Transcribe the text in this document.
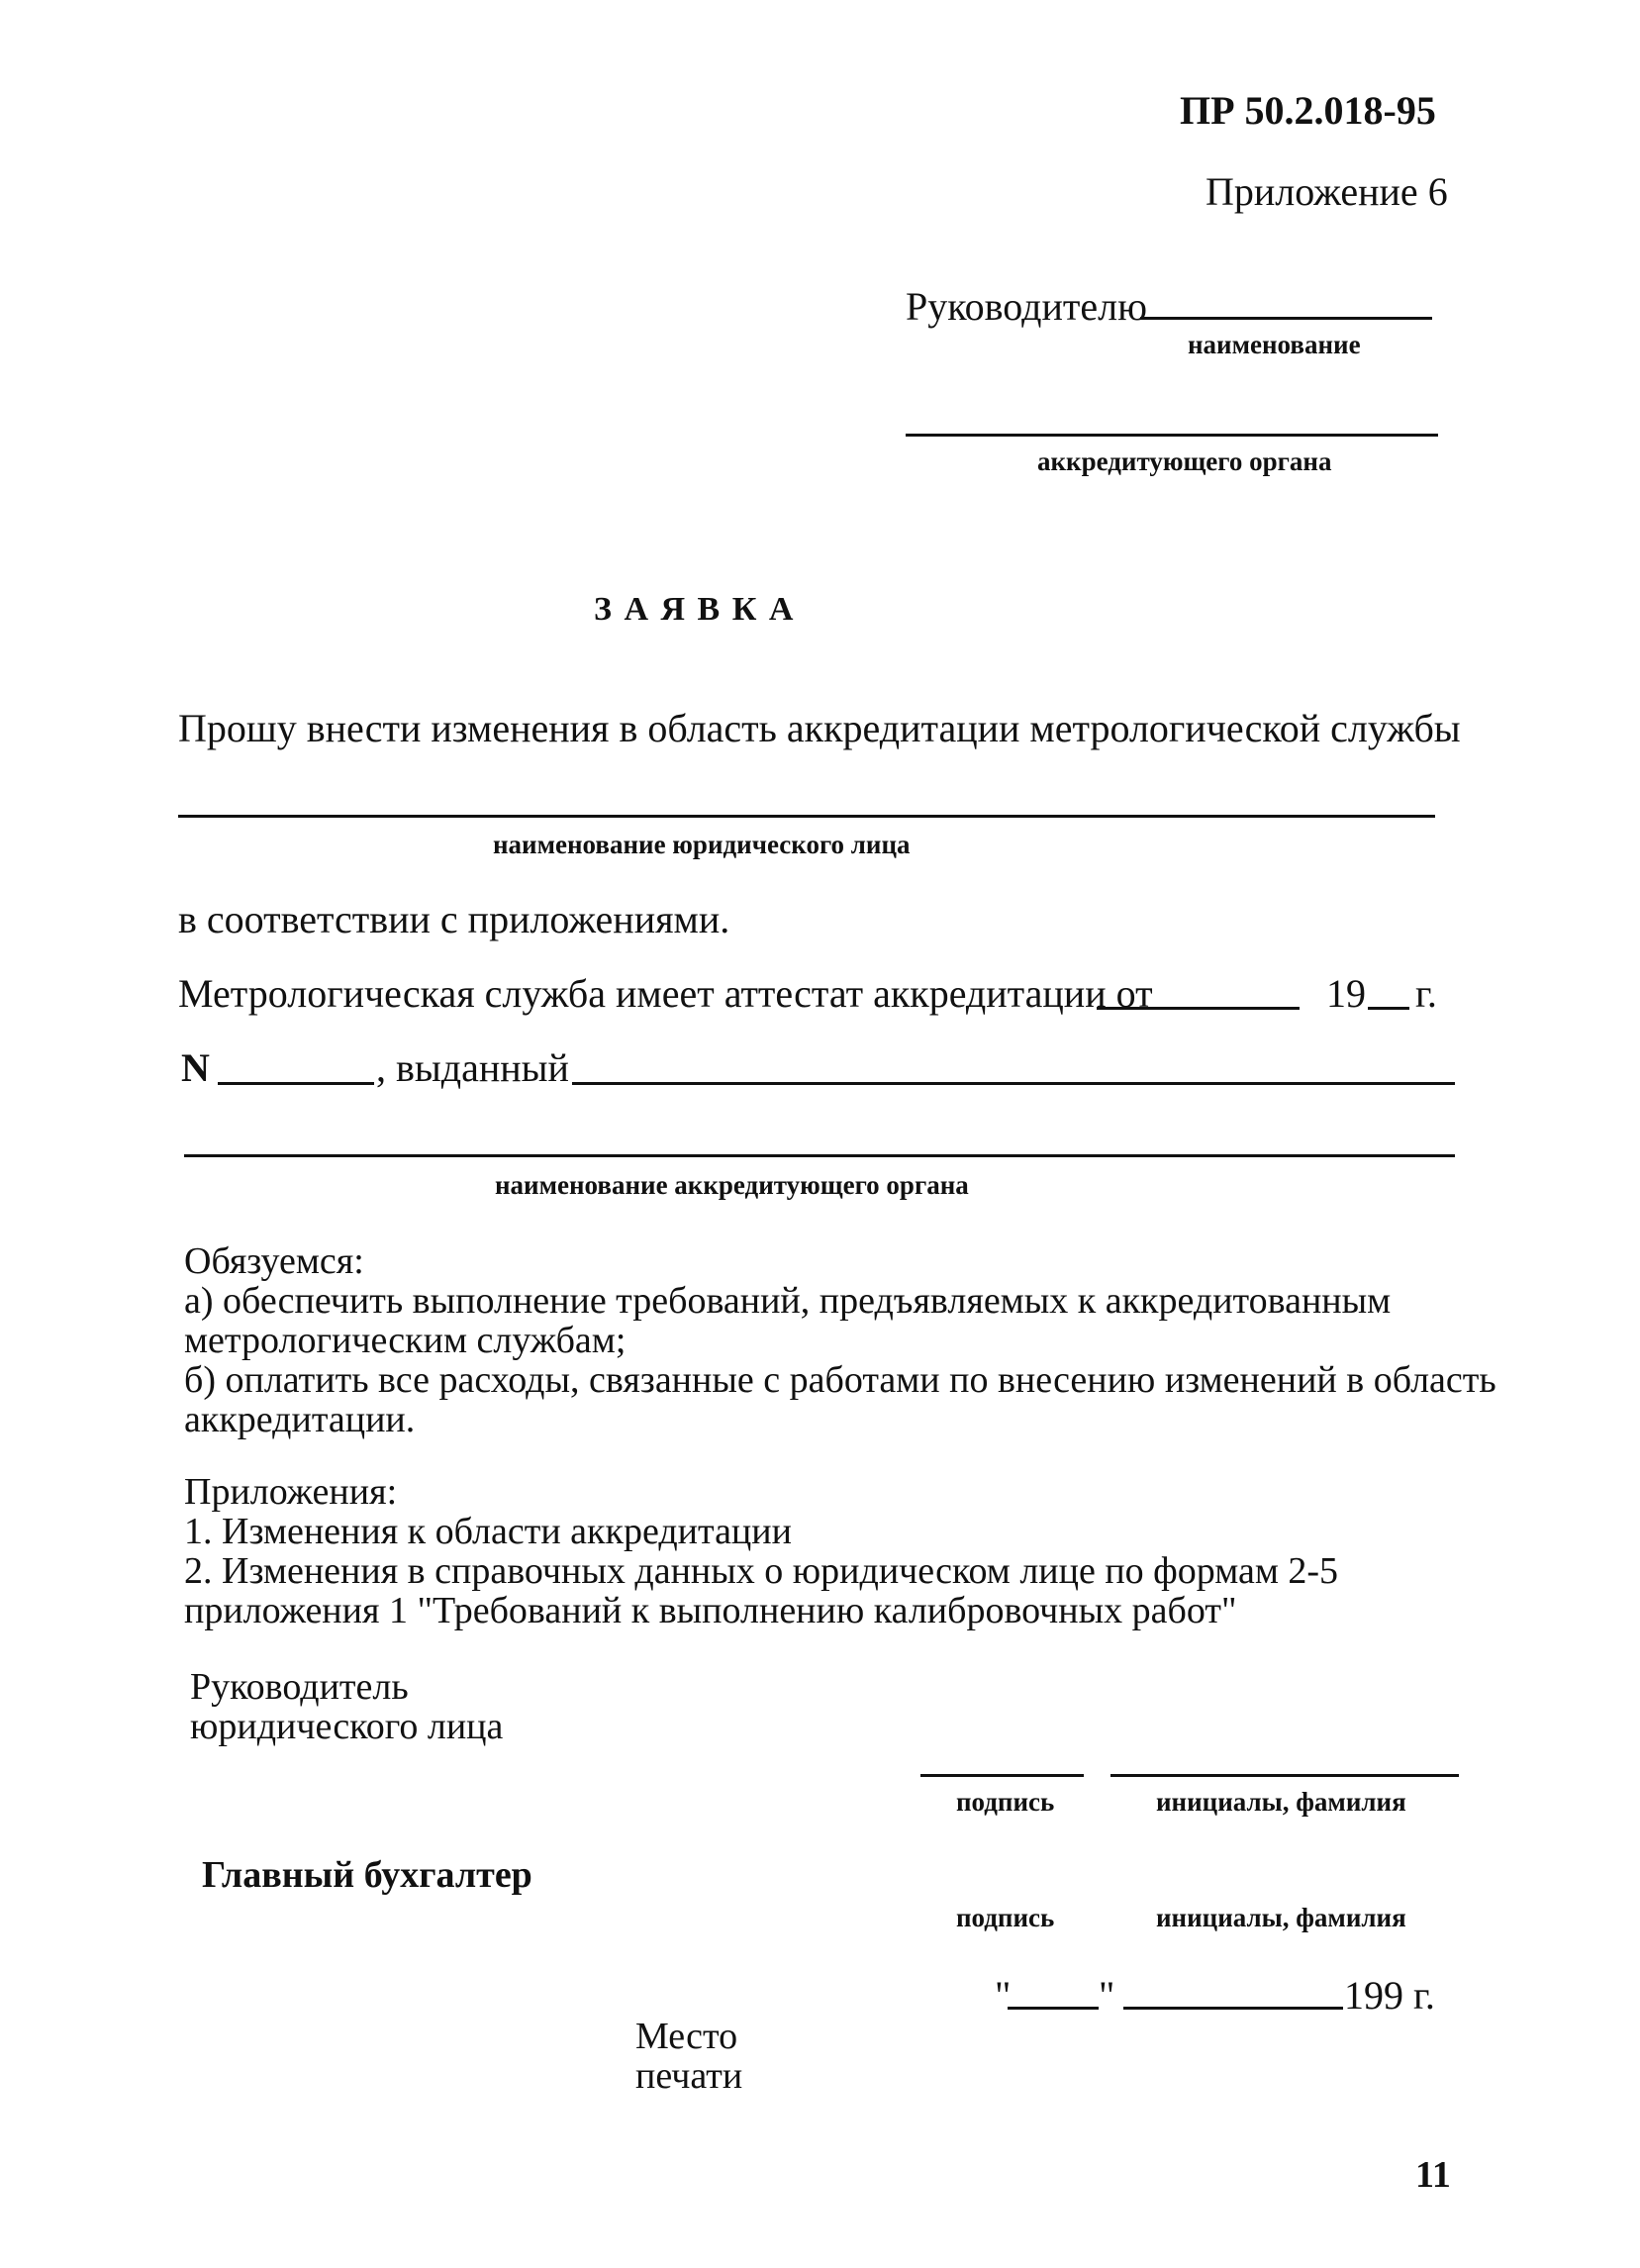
ПР 50.2.018-95
Приложение 6
Руководителю
наименование
аккредитующего органа
З А Я В К А
Прошу внести изменения в область аккредитации метрологической службы
наименование юридического лица
в соответствии с приложениями.
Метрологическая служба имеет аттестат аккредитации от	19 г.
N	, выданный
наименование аккредитующего органа
Обязуемся:
а) обеспечить выполнение требований, предъявляемых к аккредитованным
метрологическим службам;
б) оплатить все расходы, связанные с работами по внесению изменений в область
аккредитации.
Приложения:
1. Изменения к области аккредитации
2. Изменения в справочных данных о юридическом лице по формам 2-5
приложения 1 "Требований к выполнению калибровочных работ"
Руководитель
юридического лица
подпись	инициалы, фамилия
Главный бухгалтер
подпись	инициалы, фамилия
" "	199 г.
Место
печати
11
